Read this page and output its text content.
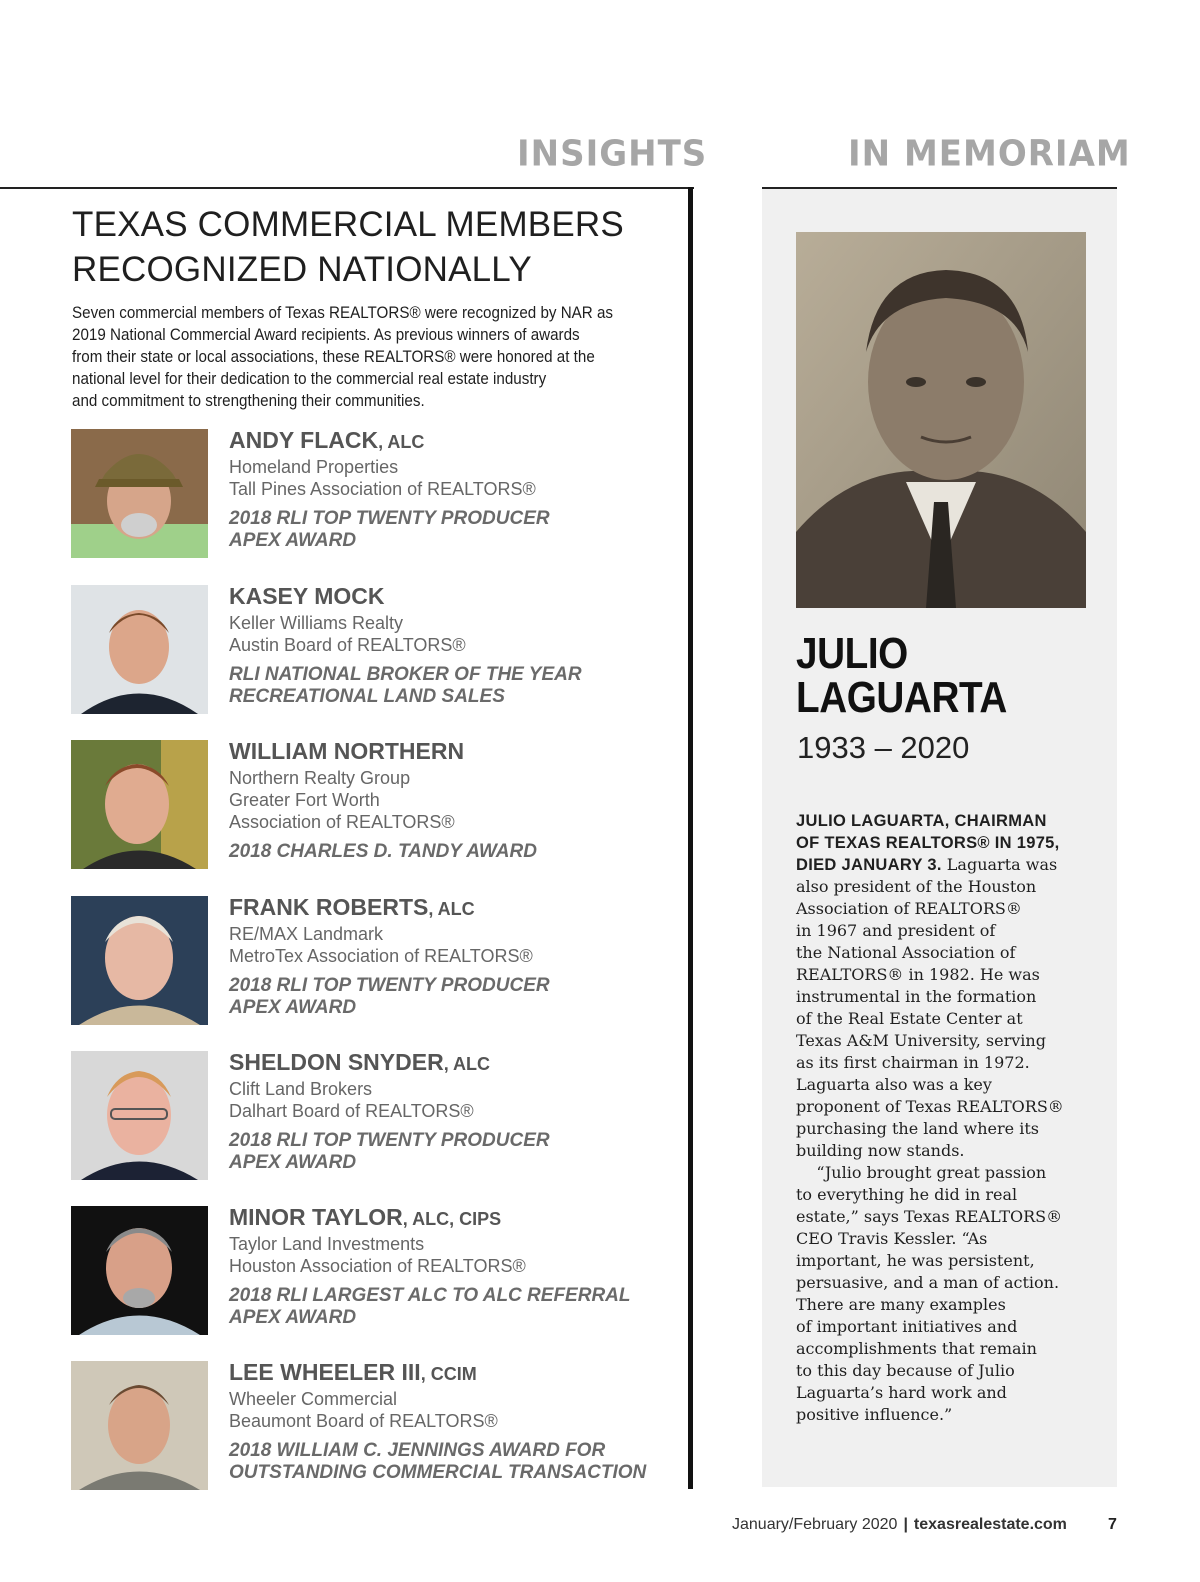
INSIGHTS	IN MEMORIAM
TEXAS COMMERCIAL MEMBERS
RECOGNIZED NATIONALLY
Seven commercial members of Texas REALTORS® were recognized by NAR as
2019 National Commercial Award recipients. As previous winners of awards
from their state or local associations, these REALTORS® were honored at the
national level for their dedication to the commercial real estate industry
and commitment to strengthening their communities.
ANDY FLACK, ALC
Homeland Properties
Tall Pines Association of REALTORS®
2018 RLI TOP TWENTY PRODUCER
APEX AWARD
KASEY MOCK
Keller Williams Realty
Austin Board of REALTORS®
RLI NATIONAL BROKER OF THE YEAR
RECREATIONAL LAND SALES
WILLIAM NORTHERN
Northern Realty Group
Greater Fort Worth
Association of REALTORS®
2018 CHARLES D. TANDY AWARD
FRANK ROBERTS, ALC
RE/MAX Landmark
MetroTex Association of REALTORS®
2018 RLI TOP TWENTY PRODUCER
APEX AWARD
SHELDON SNYDER, ALC
Clift Land Brokers
Dalhart Board of REALTORS®
2018 RLI TOP TWENTY PRODUCER
APEX AWARD
MINOR TAYLOR, ALC, CIPS
Taylor Land Investments
Houston Association of REALTORS®
2018 RLI LARGEST ALC TO ALC REFERRAL
APEX AWARD
LEE WHEELER III, CCIM
Wheeler Commercial
Beaumont Board of REALTORS®
2018 WILLIAM C. JENNINGS AWARD FOR
OUTSTANDING COMMERCIAL TRANSACTION
JULIO
LAGUARTA
1933 – 2020
JULIO LAGUARTA, CHAIRMAN
OF TEXAS REALTORS® IN 1975,
DIED JANUARY 3. Laguarta was
also president of the Houston
Association of REALTORS®
in 1967 and president of
the National Association of
REALTORS® in 1982. He was
instrumental in the formation
of the Real Estate Center at
Texas A&M University, serving
as its first chairman in 1972.
Laguarta also was a key
proponent of Texas REALTORS®
purchasing the land where its
building now stands.
“Julio brought great passion
to everything he did in real
estate,” says Texas REALTORS®
CEO Travis Kessler. “As
important, he was persistent,
persuasive, and a man of action.
There are many examples
of important initiatives and
accomplishments that remain
to this day because of Julio
Laguarta’s hard work and
positive influence.”
January/February 2020 | texasrealestate.com	7
